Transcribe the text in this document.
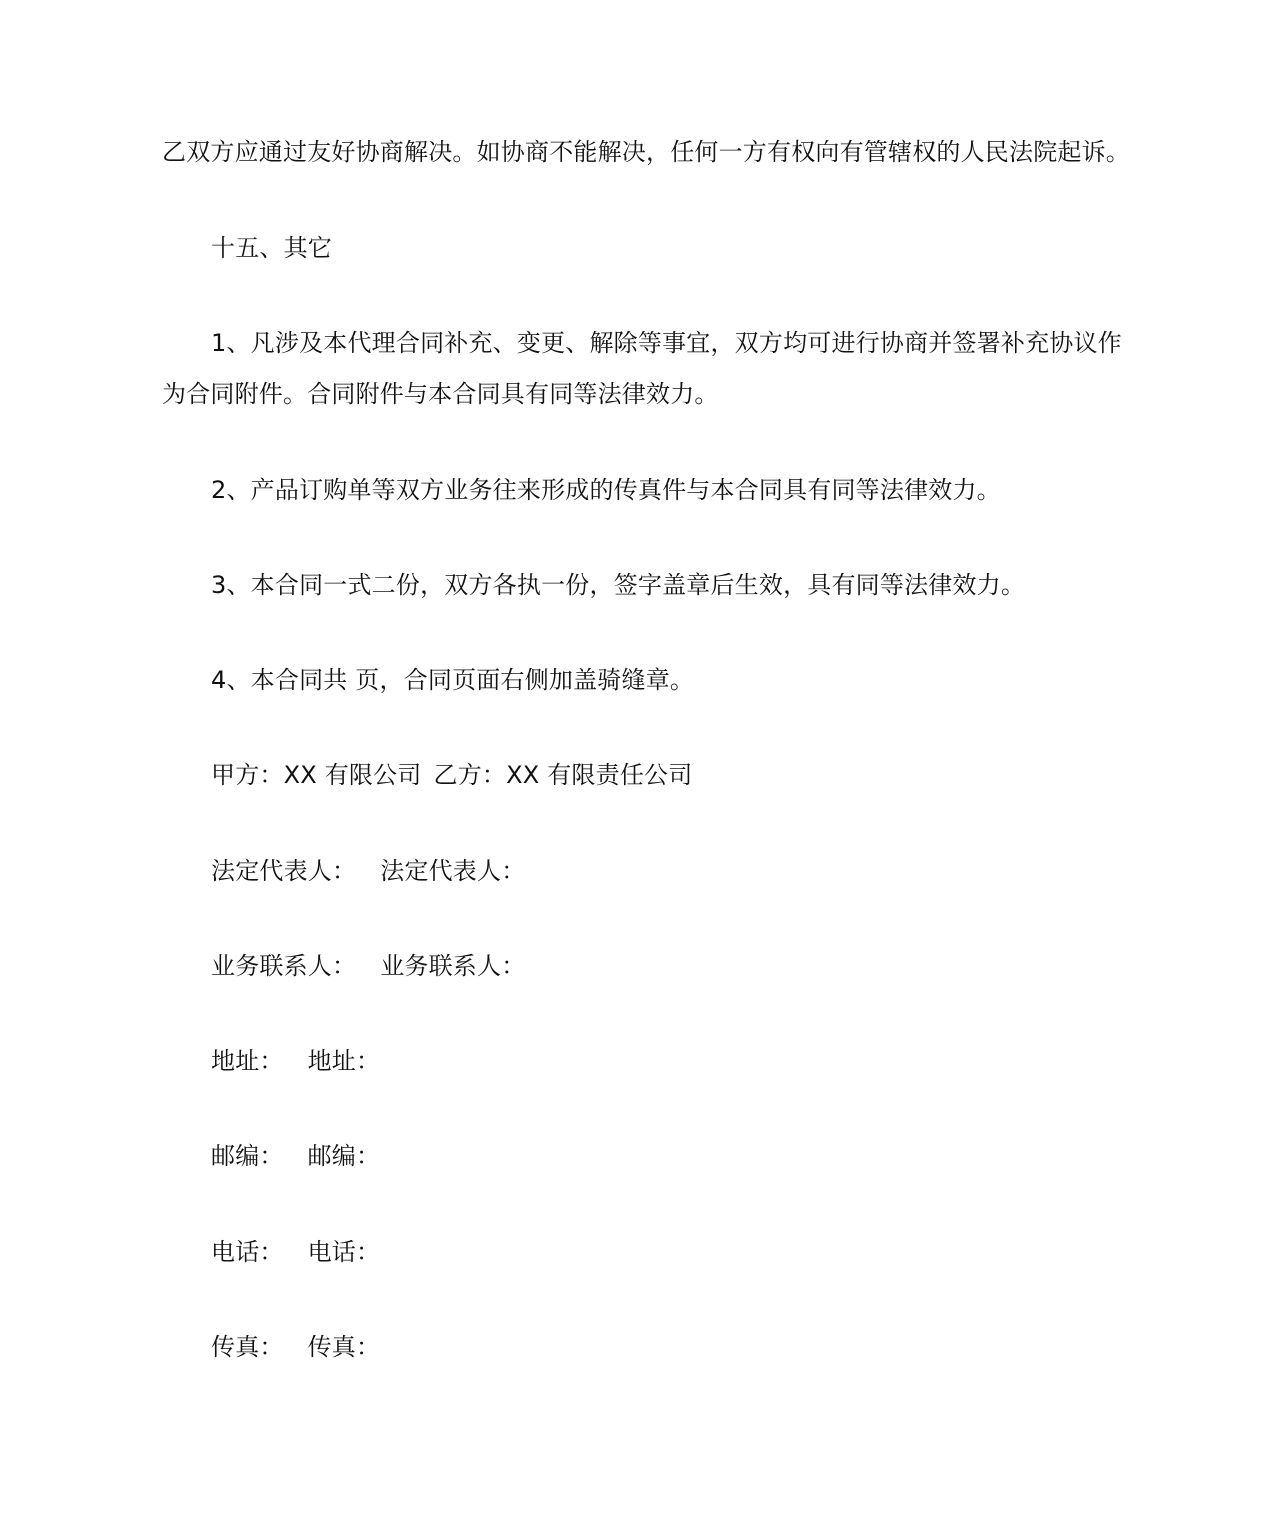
乙双方应通过友好协商解决。如协商不能解决，任何一方有权向有管辖权的人民法院起诉。
十五、其它
1、凡涉及本代理合同补充、变更、解除等事宜，双方均可进行协商并签署补充协议作
为合同附件。合同附件与本合同具有同等法律效力。
2、产品订购单等双方业务往来形成的传真件与本合同具有同等法律效力。
3、本合同一式二份，双方各执一份，签字盖章后生效，具有同等法律效力。
4、本合同共 页，合同页面右侧加盖骑缝章。
甲方：XX 有限公司 乙方：XX 有限责任公司
法定代表人： 法定代表人：
业务联系人： 业务联系人：
地址： 地址：
邮编： 邮编：
电话： 电话：
传真： 传真：
